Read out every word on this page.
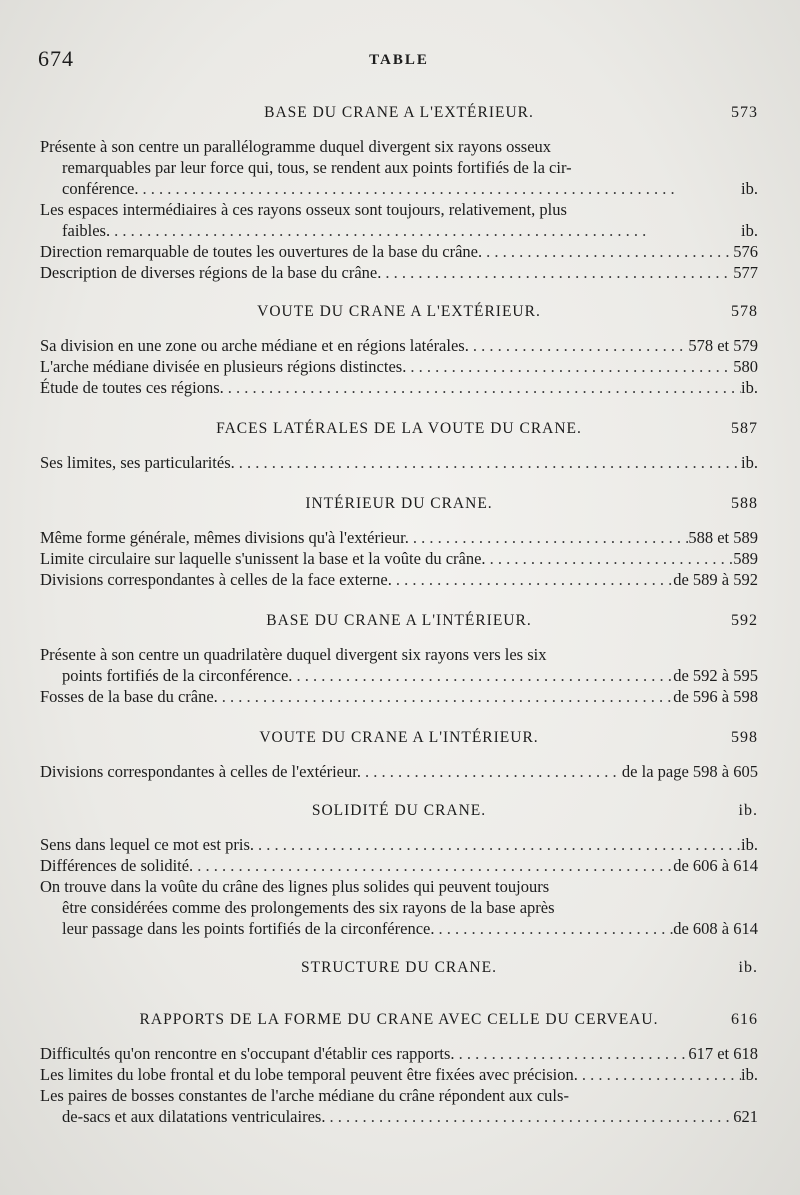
674	TABLE
BASE DU CRANE A L'EXTÉRIEUR.	573
Présente à son centre un parallélogramme duquel divergent six rayons osseux
remarquables par leur force qui, tous, se rendent aux points fortifiés de la cir-
conférence. . . .	ib.
Les espaces intermédiaires à ces rayons osseux sont toujours, relativement, plus
faibles. . . .	ib.
Direction remarquable de toutes les ouvertures de la base du crâne. . . .	576
Description de diverses régions de la base du crâne. . . .	577
VOUTE DU CRANE A L'EXTÉRIEUR.	578
Sa division en une zone ou arche médiane et en régions latérales. . . .	578 et 579
L'arche médiane divisée en plusieurs régions distinctes. . . .	580
Étude de toutes ces régions. . . .	ib.
FACES LATÉRALES DE LA VOUTE DU CRANE.	587
Ses limites, ses particularités. . . .	ib.
INTÉRIEUR DU CRANE.	588
Même forme générale, mêmes divisions qu'à l'extérieur. . . .	588 et 589
Limite circulaire sur laquelle s'unissent la base et la voûte du crâne. . . .	589
Divisions correspondantes à celles de la face externe. . . .	de 589 à 592
BASE DU CRANE A L'INTÉRIEUR.	592
Présente à son centre un quadrilatère duquel divergent six rayons vers les six
points fortifiés de la circonférence. . . .	de 592 à 595
Fosses de la base du crâne. . . .	de 596 à 598
VOUTE DU CRANE A L'INTÉRIEUR.	598
Divisions correspondantes à celles de l'extérieur. . . .	de la page 598 à 605
SOLIDITÉ DU CRANE.	ib.
Sens dans lequel ce mot est pris. . . .	ib.
Différences de solidité. . . .	de 606 à 614
On trouve dans la voûte du crâne des lignes plus solides qui peuvent toujours
être considérées comme des prolongements des six rayons de la base après
leur passage dans les points fortifiés de la circonférence. . . .	de 608 à 614
STRUCTURE DU CRANE.	ib.
RAPPORTS DE LA FORME DU CRANE AVEC CELLE DU CERVEAU.	616
Difficultés qu'on rencontre en s'occupant d'établir ces rapports. . . .	617 et 618
Les limites du lobe frontal et du lobe temporal peuvent être fixées avec précision. . . .	ib.
Les paires de bosses constantes de l'arche médiane du crâne répondent aux culs-
de-sacs et aux dilatations ventriculaires. . . .	621
